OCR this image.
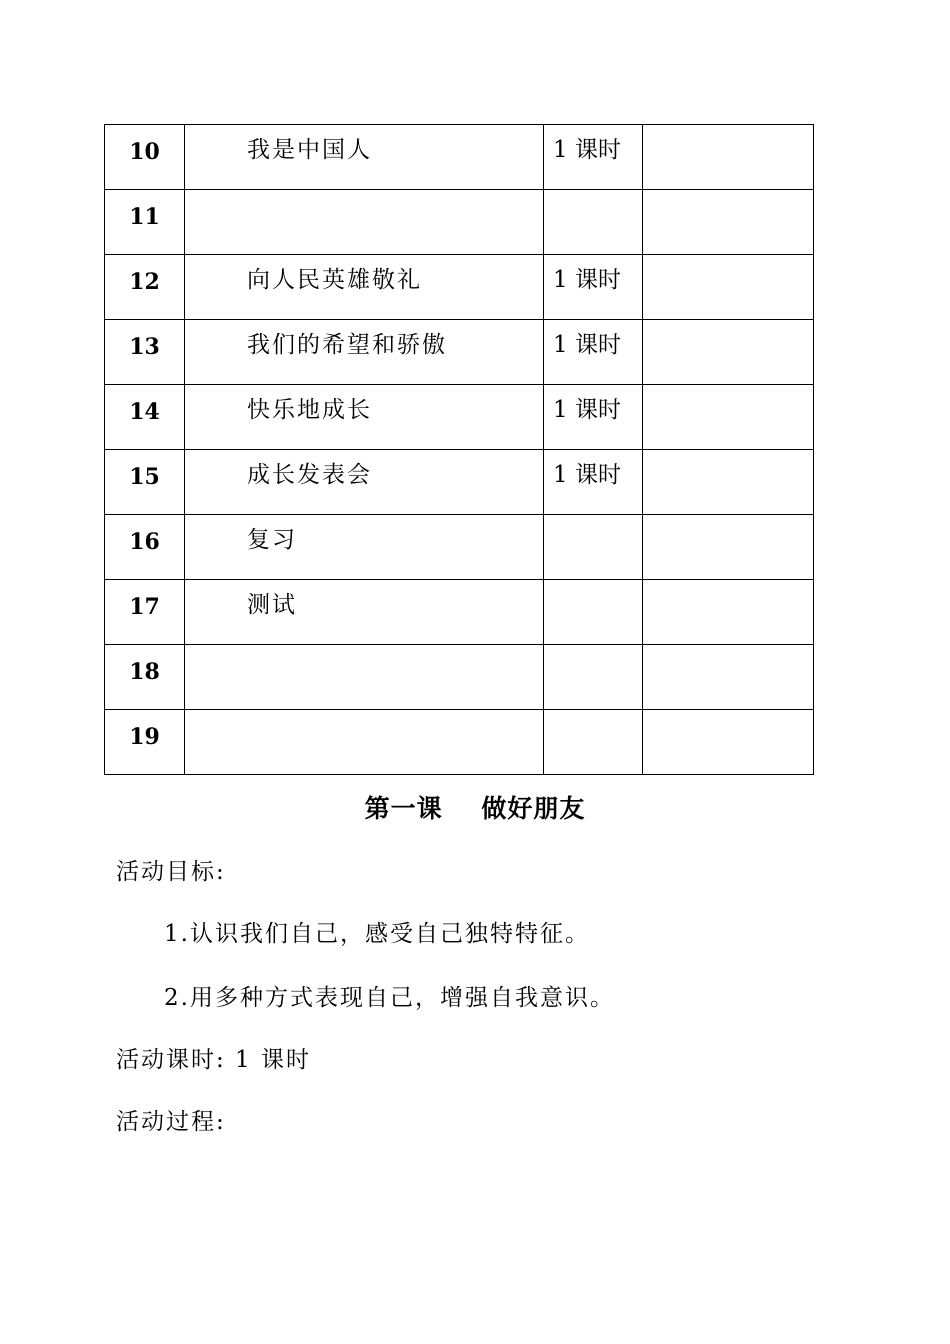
10	我是中国人	1 课时	

11			

12	向人民英雄敬礼	1 课时	

13	我们的希望和骄傲	1 课时	

14	快乐地成长	1 课时	

15	成长发表会	1 课时	

16	复习		

17	测试		

18			

19			

第一课    做好朋友
活动目标:
1.认识我们自己，感受自己独特特征。
2.用多种方式表现自己，增强自我意识。
活动课时: 1 课时
活动过程:
